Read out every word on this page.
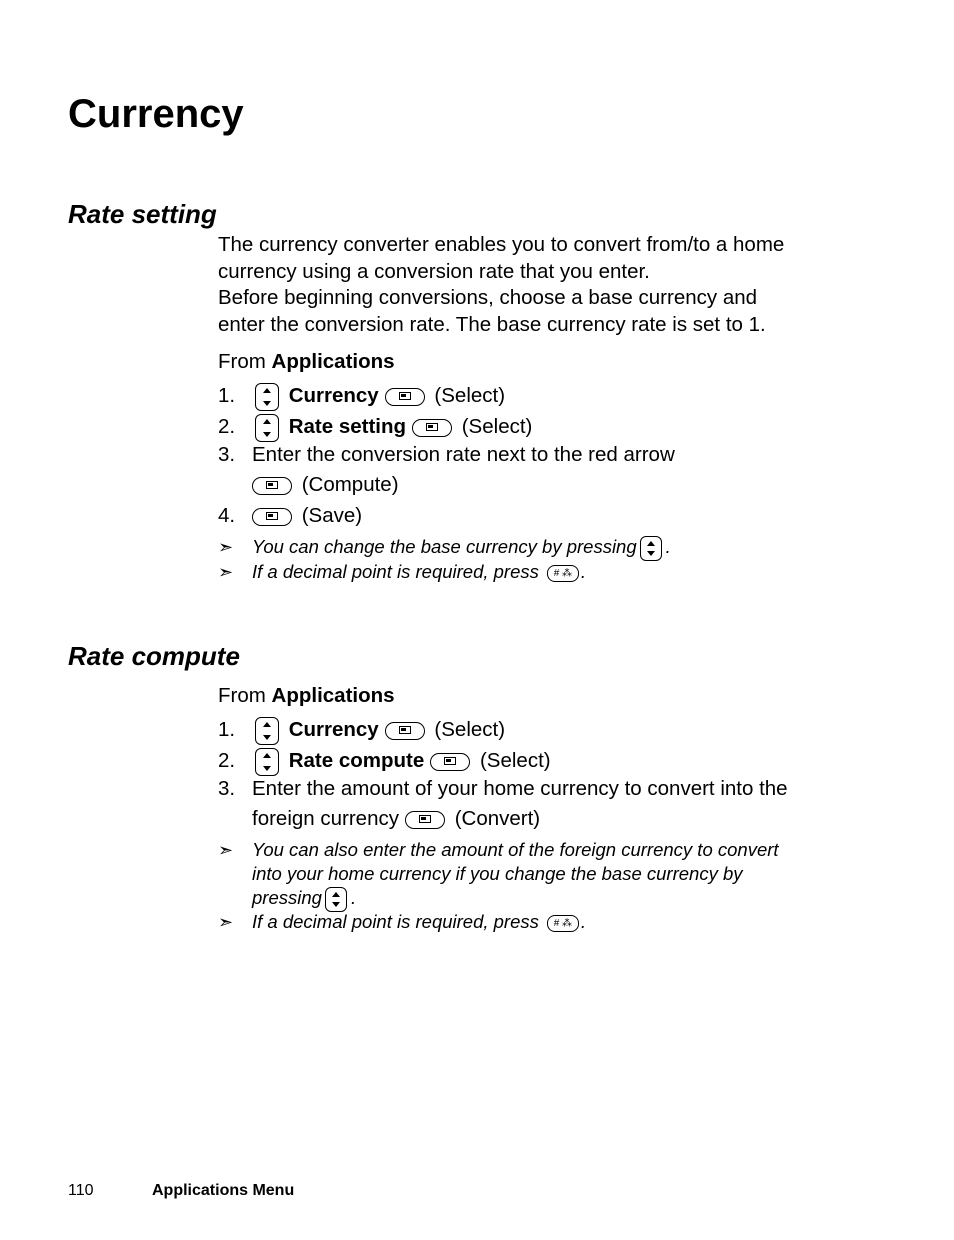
Currency
Rate setting

The currency converter enables you to convert from/to a home
currency using a conversion rate that you enter.
Before beginning conversions, choose a base currency and
enter the conversion rate. The base currency rate is set to 1.

From Applications
1.	Currency	(Select)
2.	Rate setting	(Select)
3. Enter the conversion rate next to the red arrow
(Compute)
4.	(Save)
➣ You can change the base currency by pressing .
➣ If a decimal point is required, press # ⁂ .
Rate compute
From Applications
1.	Currency	(Select)
2.	Rate compute	(Select)
3. Enter the amount of your home currency to convert into the
foreign currency	(Convert)
➣ You can also enter the amount of the foreign currency to convert
into your home currency if you change the base currency by
pressing .
➣ If a decimal point is required, press # ⁂ .
110	Applications Menu
